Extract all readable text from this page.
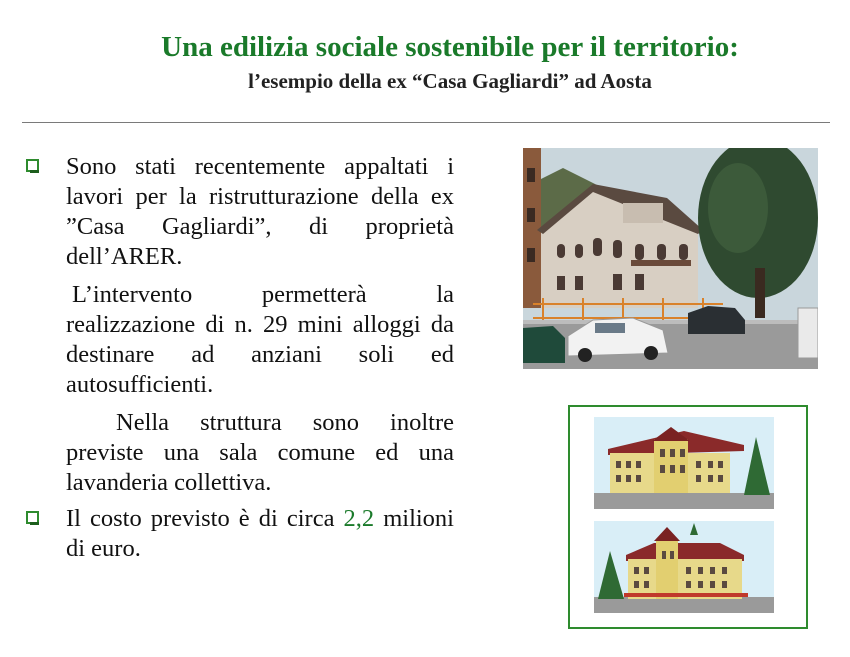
Una edilizia sociale sostenibile per il territorio:
l’esempio della ex “Casa Gagliardi” ad Aosta
Sono stati recentemente appaltati i lavori per la ristrutturazione della ex ”Casa Gagliardi”, di proprietà dell’ARER.
L’intervento permetterà la realizzazione di n. 29 mini alloggi da destinare ad anziani soli ed autosufficienti.
Nella struttura sono inoltre previste una sala comune ed una lavanderia collettiva.
Il costo previsto è di circa 2,2 milioni di euro.
